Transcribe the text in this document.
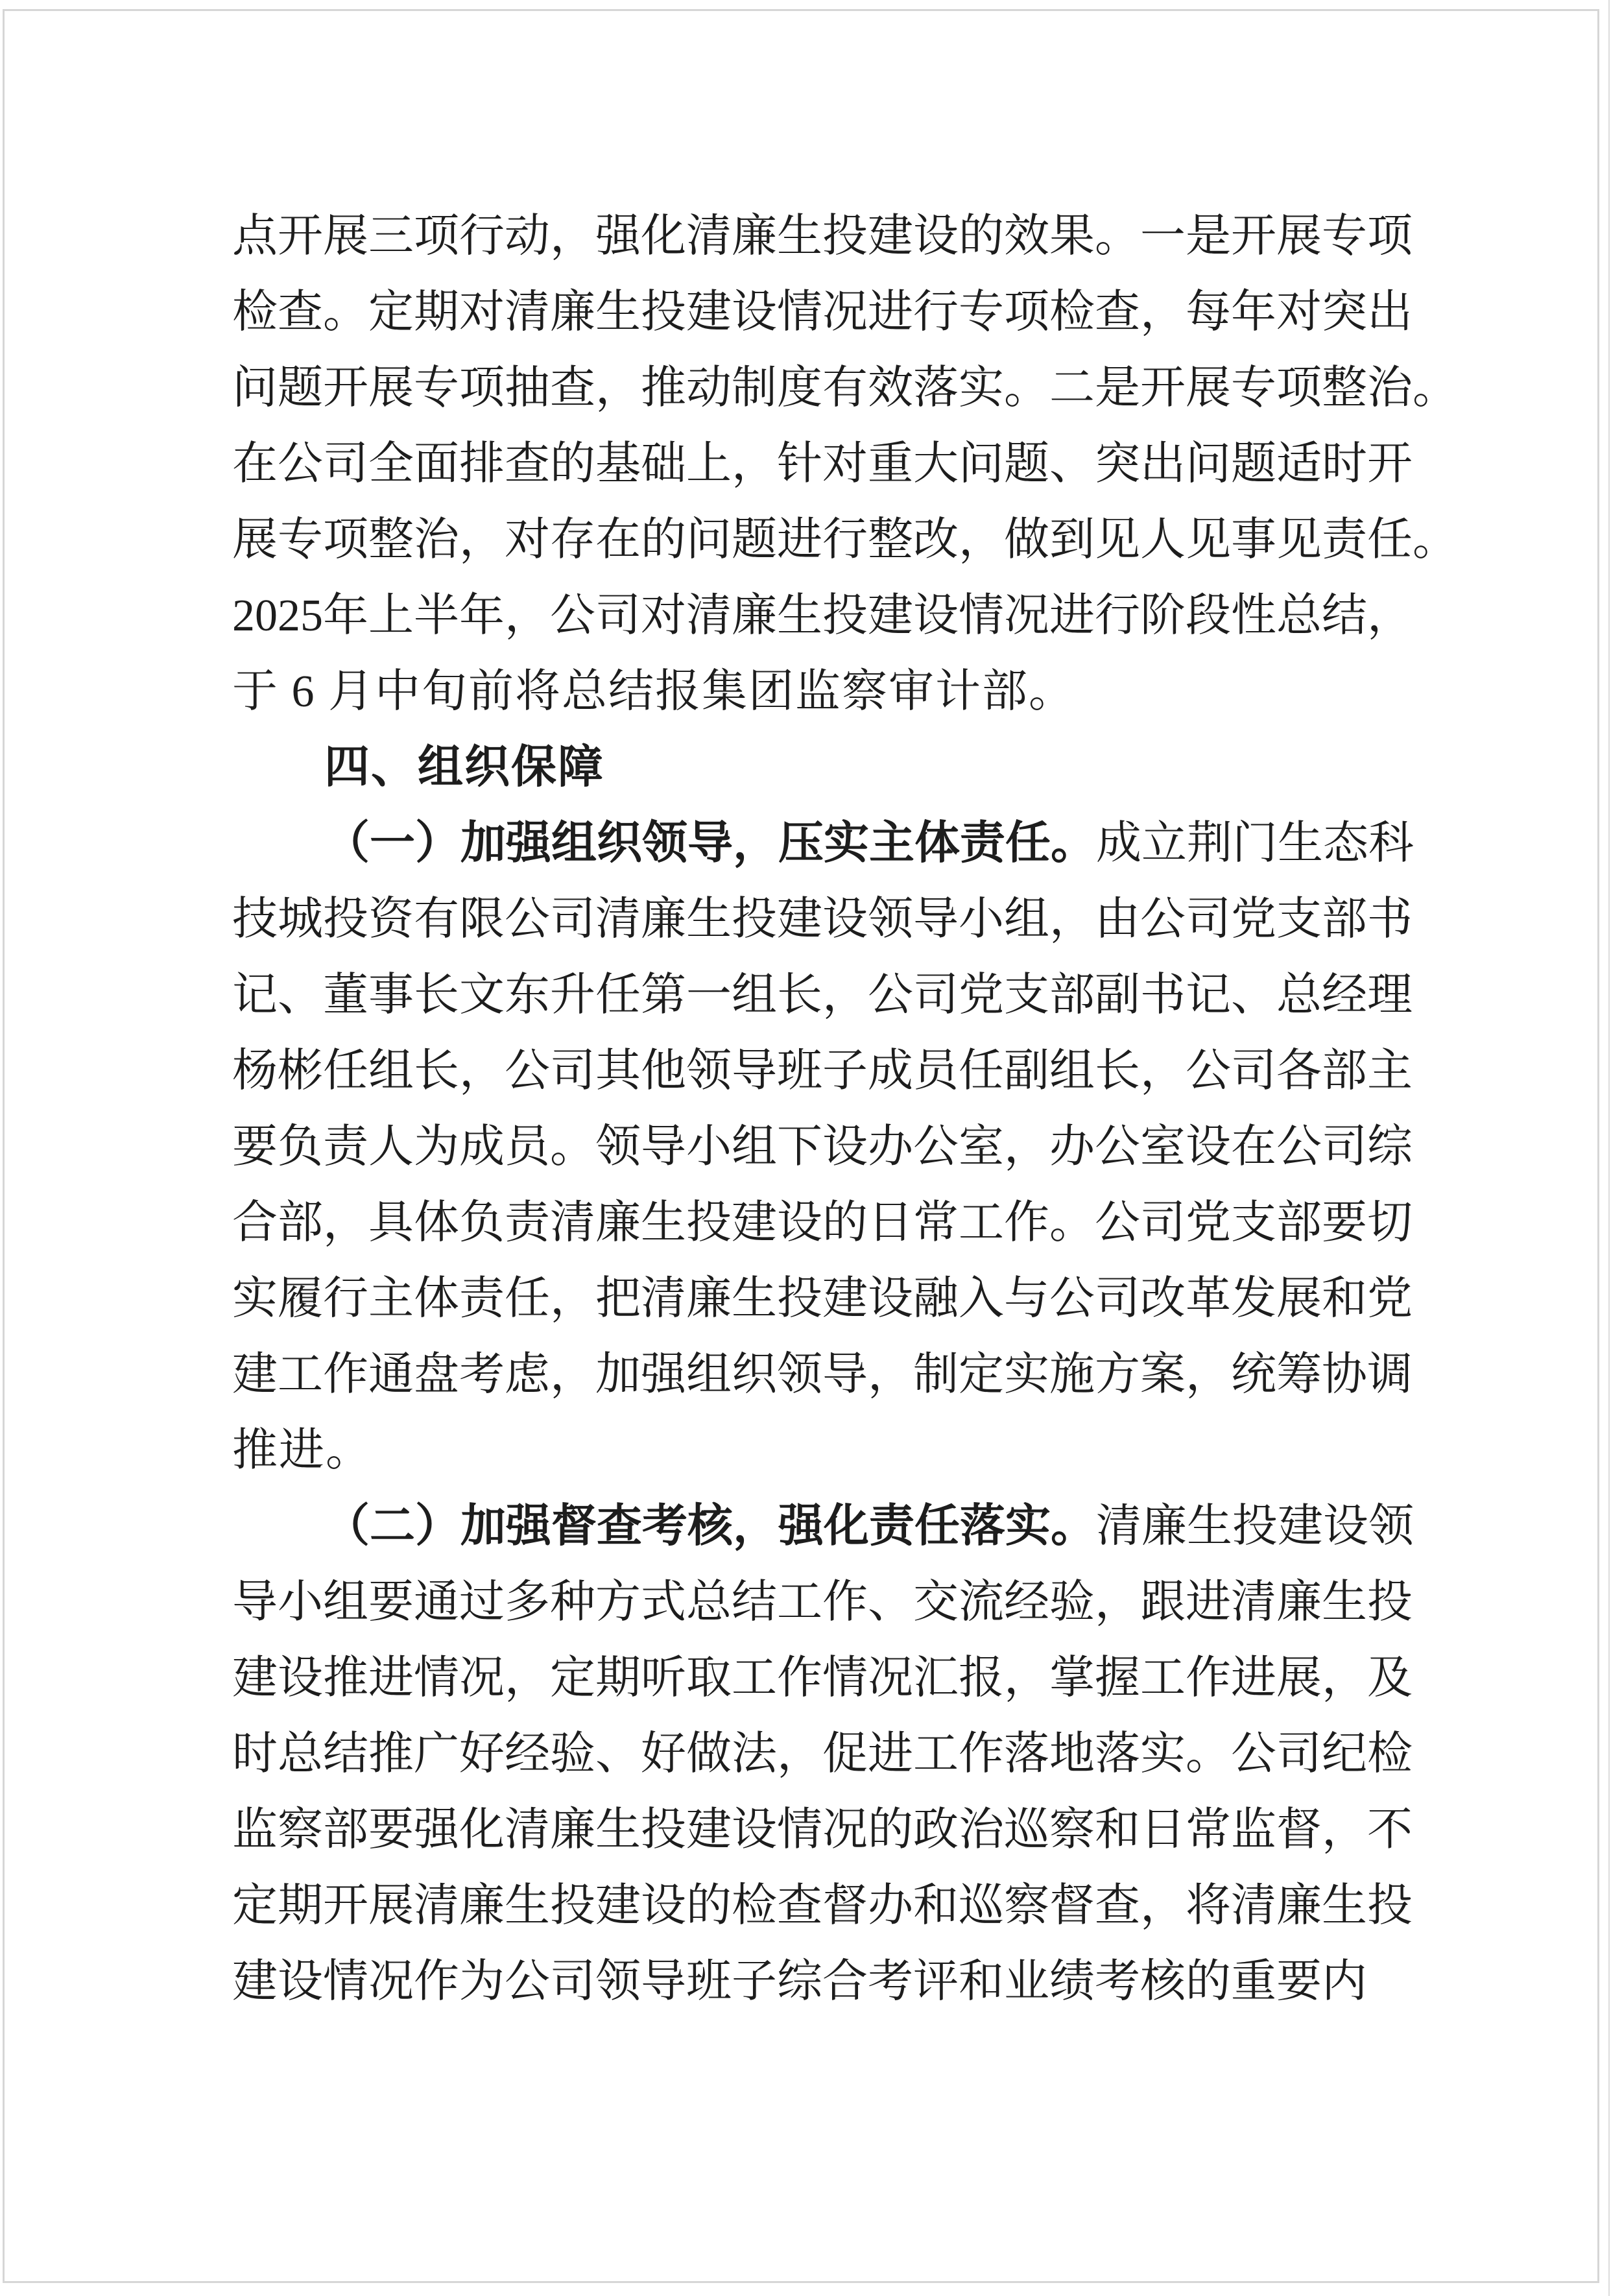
点 开 展 三 项 行 动 ， 强 化 清 廉 生 投 建 设 的 效 果 。 一 是 开 展 专 项
检 查 。 定 期 对 清 廉 生 投 建 设 情 况 进 行 专 项 检 查 ， 每 年 对 突 出
问 题 开 展 专 项 抽 查 ， 推 动 制 度 有 效 落 实 。 二 是 开 展 专 项 整 治 。
在 公 司 全 面 排 查 的 基 础 上 ， 针 对 重 大 问 题 、 突 出 问 题 适 时 开
展 专 项 整 治 ， 对 存 在 的 问 题 进 行 整 改 ， 做 到 见 人 见 事 见 责 任 。
2 0 2 5 年 上 半 年 ， 公 司 对 清 廉 生 投 建 设 情 况 进 行 阶 段 性 总 结 ，
于 6 月中旬前将总结报集团监察审计部。
四、组织保障
（ 一 ） 加 强 组 织 领 导 ， 压 实 主 体 责 任 。 成 立 荆 门 生 态 科
技 城 投 资 有 限 公 司 清 廉 生 投 建 设 领 导 小 组 ， 由 公 司 党 支 部 书
记 、 董 事 长 文 东 升 任 第 一 组 长 ， 公 司 党 支 部 副 书 记 、 总 经 理
杨 彬 任 组 长 ， 公 司 其 他 领 导 班 子 成 员 任 副 组 长 ， 公 司 各 部 主
要 负 责 人 为 成 员 。 领 导 小 组 下 设 办 公 室 ， 办 公 室 设 在 公 司 综
合 部 ， 具 体 负 责 清 廉 生 投 建 设 的 日 常 工 作 。 公 司 党 支 部 要 切
实 履 行 主 体 责 任 ， 把 清 廉 生 投 建 设 融 入 与 公 司 改 革 发 展 和 党
建 工 作 通 盘 考 虑 ， 加 强 组 织 领 导 ， 制 定 实 施 方 案 ， 统 筹 协 调
推进。
（ 二 ） 加 强 督 查 考 核 ， 强 化 责 任 落 实 。 清 廉 生 投 建 设 领
导 小 组 要 通 过 多 种 方 式 总 结 工 作 、 交 流 经 验 ， 跟 进 清 廉 生 投
建 设 推 进 情 况 ， 定 期 听 取 工 作 情 况 汇 报 ， 掌 握 工 作 进 展 ， 及
时 总 结 推 广 好 经 验 、 好 做 法 ， 促 进 工 作 落 地 落 实 。 公 司 纪 检
监 察 部 要 强 化 清 廉 生 投 建 设 情 况 的 政 治 巡 察 和 日 常 监 督 ， 不
定 期 开 展 清 廉 生 投 建 设 的 检 查 督 办 和 巡 察 督 查 ， 将 清 廉 生 投
建 设 情 况 作 为 公 司 领 导 班 子 综 合 考 评 和 业 绩 考 核 的 重 要 内
